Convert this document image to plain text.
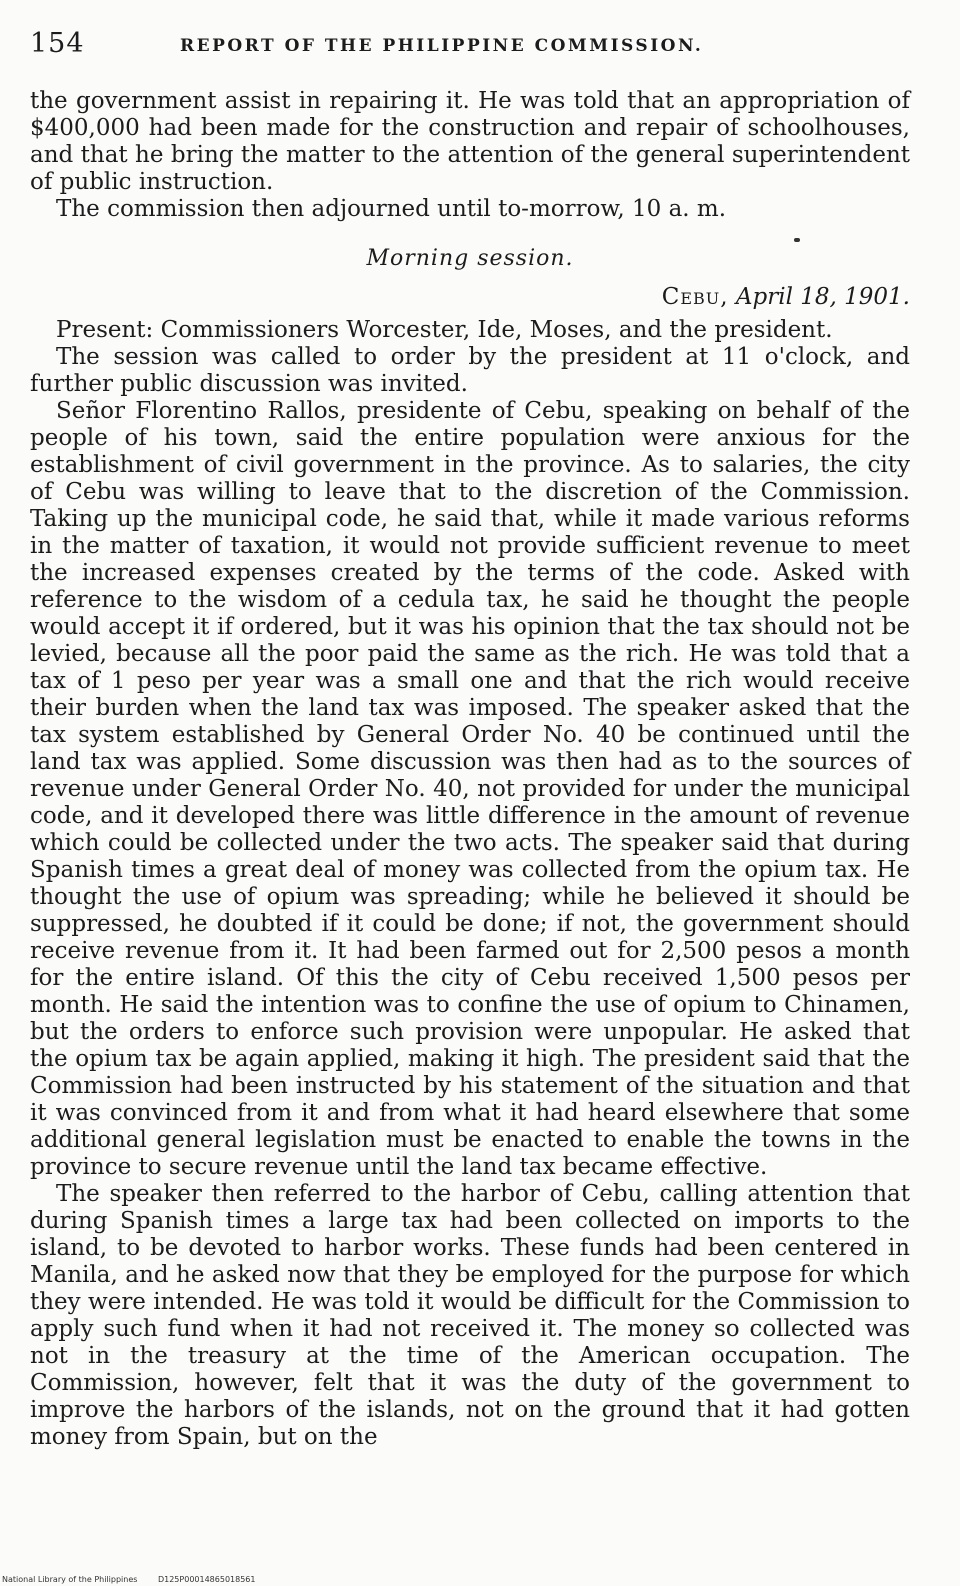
154	REPORT OF THE PHILIPPINE COMMISSION.

the government assist in repairing it. He was told that an appropriation of $400,000 had been made for the construction and repair of schoolhouses, and that he bring the matter to the attention of the general superintendent of public instruction.

The commission then adjourned until to-morrow, 10 a. m.

Morning session.

Cebu, April 18, 1901.

Present: Commissioners Worcester, Ide, Moses, and the president.

The session was called to order by the president at 11 o'clock, and further public discussion was invited.

Señor Florentino Rallos, presidente of Cebu, speaking on behalf of the people of his town, said the entire population were anxious for the establishment of civil government in the province. As to salaries, the city of Cebu was willing to leave that to the discretion of the Commission. Taking up the municipal code, he said that, while it made various reforms in the matter of taxation, it would not provide sufficient revenue to meet the increased expenses created by the terms of the code. Asked with reference to the wisdom of a cedula tax, he said he thought the people would accept it if ordered, but it was his opinion that the tax should not be levied, because all the poor paid the same as the rich. He was told that a tax of 1 peso per year was a small one and that the rich would receive their burden when the land tax was imposed. The speaker asked that the tax system established by General Order No. 40 be continued until the land tax was applied. Some discussion was then had as to the sources of revenue under General Order No. 40, not provided for under the municipal code, and it developed there was little difference in the amount of revenue which could be collected under the two acts. The speaker said that during Spanish times a great deal of money was collected from the opium tax. He thought the use of opium was spreading; while he believed it should be suppressed, he doubted if it could be done; if not, the government should receive revenue from it. It had been farmed out for 2,500 pesos a month for the entire island. Of this the city of Cebu received 1,500 pesos per month. He said the intention was to confine the use of opium to Chinamen, but the orders to enforce such provision were unpopular. He asked that the opium tax be again applied, making it high. The president said that the Commission had been instructed by his statement of the situation and that it was convinced from it and from what it had heard elsewhere that some additional general legislation must be enacted to enable the towns in the province to secure revenue until the land tax became effective.

The speaker then referred to the harbor of Cebu, calling attention that during Spanish times a large tax had been collected on imports to the island, to be devoted to harbor works. These funds had been centered in Manila, and he asked now that they be employed for the purpose for which they were intended. He was told it would be difficult for the Commission to apply such fund when it had not received it. The money so collected was not in the treasury at the time of the American occupation. The Commission, however, felt that it was the duty of the government to improve the harbors of the islands, not on the ground that it had gotten money from Spain, but on the

National Library of the Philippines	D125P00014865018561
